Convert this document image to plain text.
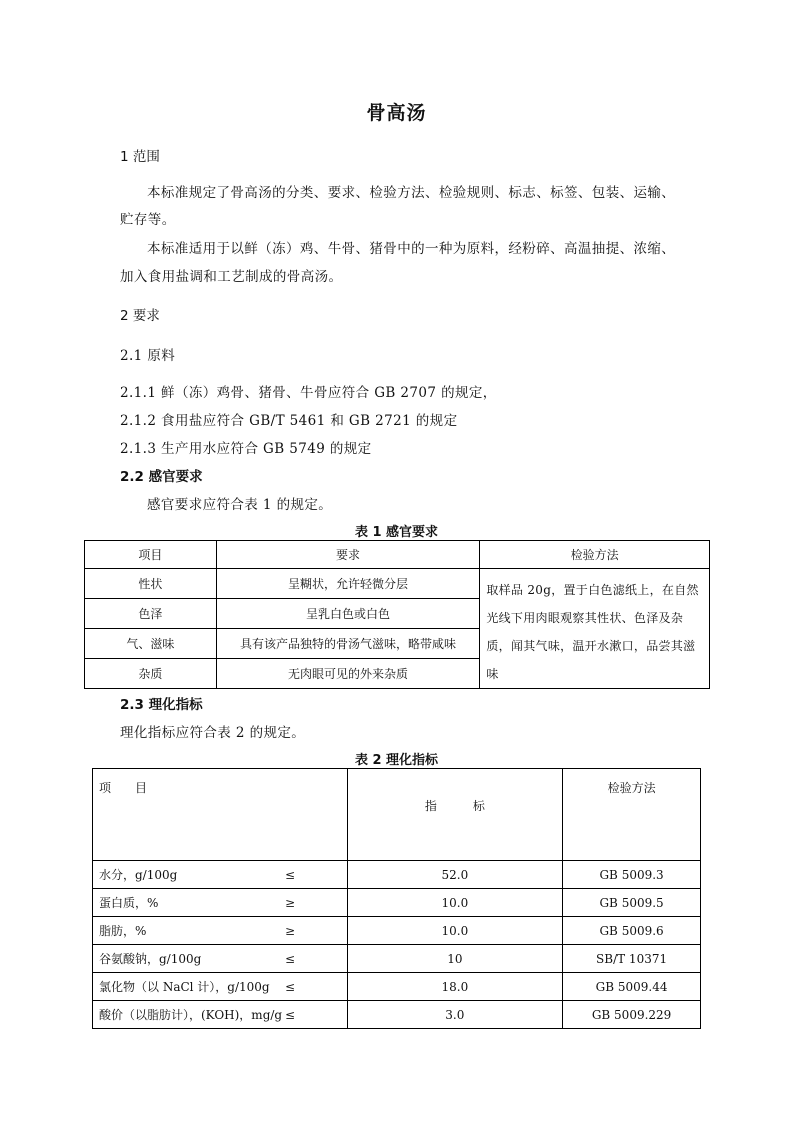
骨高汤
1 范围
本标准规定了骨高汤的分类、要求、检验方法、检验规则、标志、标签、包装、运输、
贮存等。
本标准适用于以鲜（冻）鸡、牛骨、猪骨中的一种为原料，经粉碎、高温抽提、浓缩、
加入食用盐调和工艺制成的骨高汤。
2 要求
2.1 原料
2.1.1 鲜（冻）鸡骨、猪骨、牛骨应符合 GB 2707 的规定，
2.1.2 食用盐应符合 GB/T 5461 和 GB 2721 的规定
2.1.3 生产用水应符合 GB 5749 的规定
2.2 感官要求
感官要求应符合表 1 的规定。
表 1 感官要求
项目	要求	检验方法
性状	呈糊状，允许轻微分层	取样品 20g，置于白色滤纸上，在自然光线下用肉眼观察其性状、色泽及杂质，闻其气味，温开水漱口，品尝其滋味
色泽	呈乳白色或白色	
气、滋味	具有该产品独特的骨汤气滋味，略带咸味	
杂质	无肉眼可见的外来杂质	
2.3 理化指标
理化指标应符合表 2 的规定。
表 2 理化指标
项　　目	指　　　标	检验方法
水分，g/100g ≤	52.0	GB 5009.3
蛋白质，% ≥	10.0	GB 5009.5
脂肪，% ≥	10.0	GB 5009.6
谷氨酸钠，g/100g ≤	10	SB/T 10371
氯化物（以 NaCl 计），g/100g ≤	18.0	GB 5009.44
酸价（以脂肪计），(KOH)，mg/g ≤	3.0	GB 5009.229
